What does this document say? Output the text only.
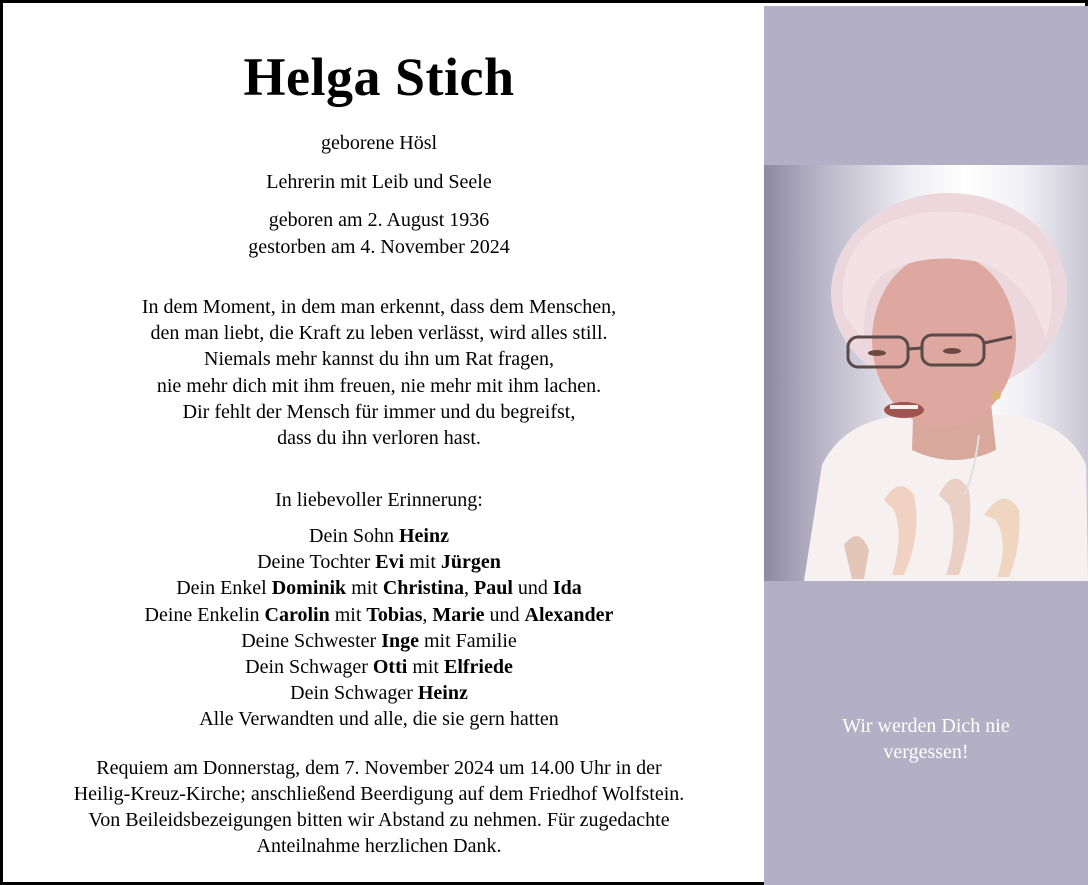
Helga Stich
geborene Hösl
Lehrerin mit Leib und Seele
geboren am 2. August 1936
gestorben am 4. November 2024
In dem Moment, in dem man erkennt, dass dem Menschen,
den man liebt, die Kraft zu leben verlässt, wird alles still.
Niemals mehr kannst du ihn um Rat fragen,
nie mehr dich mit ihm freuen, nie mehr mit ihm lachen.
Dir fehlt der Mensch für immer und du begreifst,
dass du ihn verloren hast.
In liebevoller Erinnerung:
Dein Sohn Heinz
Deine Tochter Evi mit Jürgen
Dein Enkel Dominik mit Christina, Paul und Ida
Deine Enkelin Carolin mit Tobias, Marie und Alexander
Deine Schwester Inge mit Familie
Dein Schwager Otti mit Elfriede
Dein Schwager Heinz
Alle Verwandten und alle, die sie gern hatten
Requiem am Donnerstag, dem 7. November 2024 um 14.00 Uhr in der
Heilig-Kreuz-Kirche; anschließend Beerdigung auf dem Friedhof Wolfstein.
Von Beileidsbezeigungen bitten wir Abstand zu nehmen. Für zugedachte
Anteilnahme herzlichen Dank.
Wir werden Dich nie
vergessen!
